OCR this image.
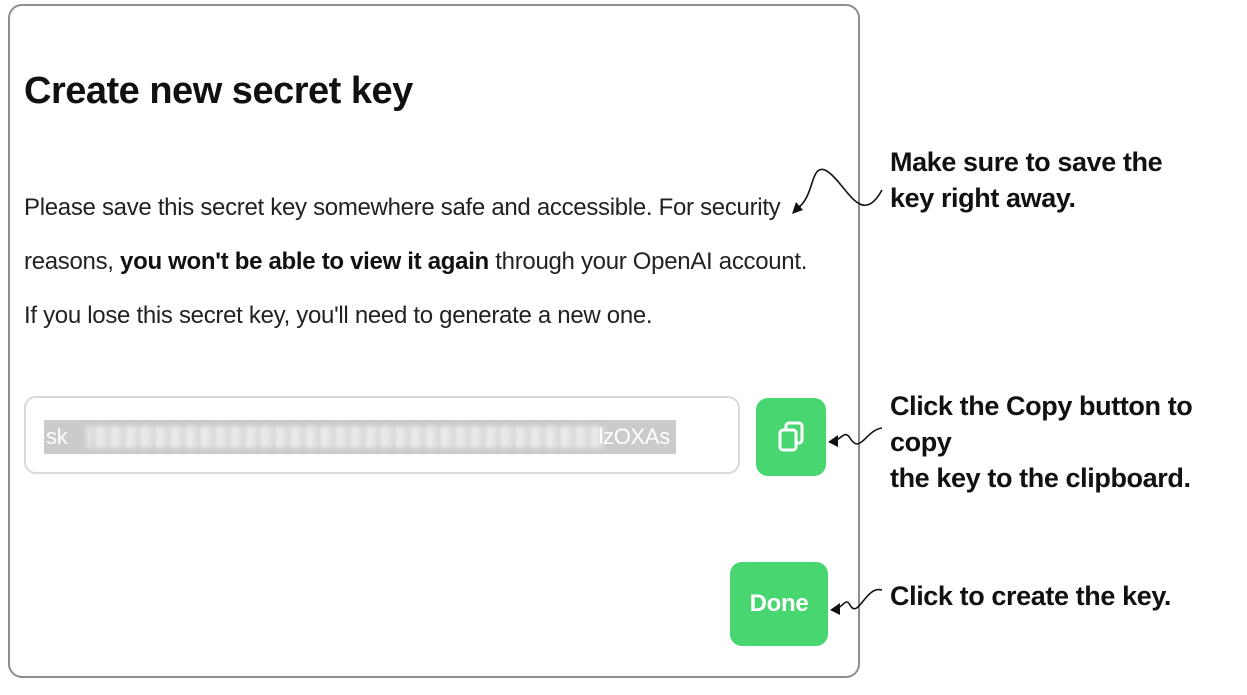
Create new secret key
Please save this secret key somewhere safe and accessible. For security reasons, you won't be able to view it again through your OpenAI account. If you lose this secret key, you'll need to generate a new one.
sk	lzOXAs
Done
Make sure to save the
key right away.
Click the Copy button to copy
the key to the clipboard.
Click to create the key.
